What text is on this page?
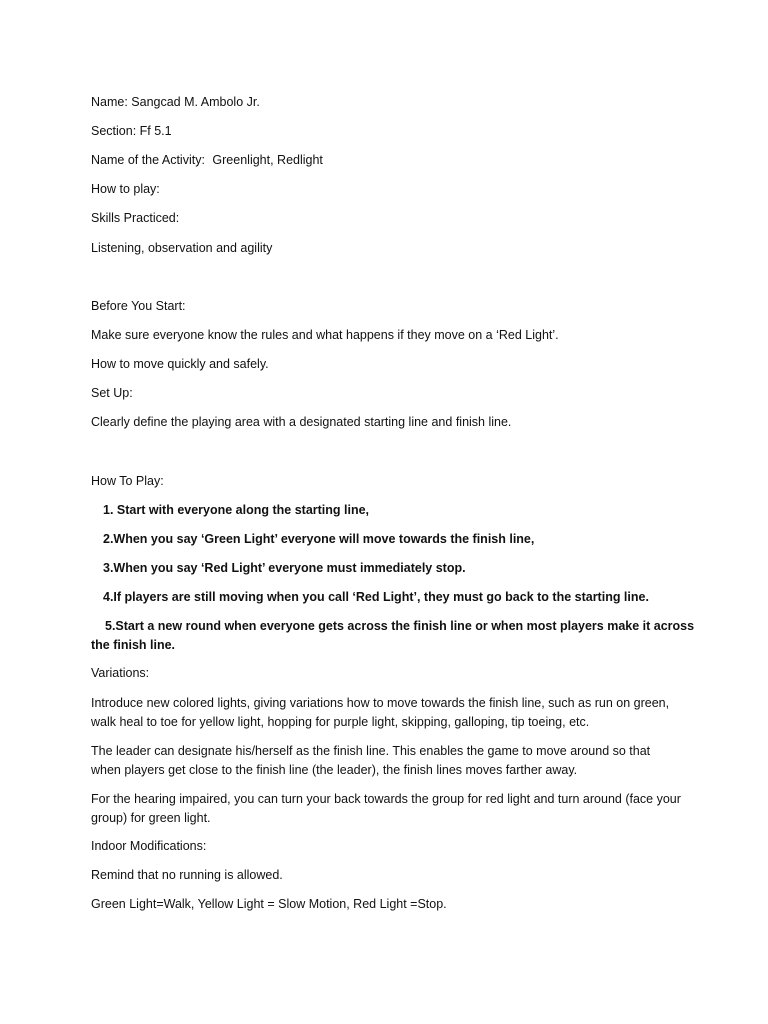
Name: Sangcad M. Ambolo Jr.
Section: Ff 5.1
Name of the Activity: Greenlight, Redlight
How to play:
Skills Practiced:
Listening, observation and agility
Before You Start:
Make sure everyone know the rules and what happens if they move on a ‘Red Light’.
How to move quickly and safely.
Set Up:
Clearly define the playing area with a designated starting line and finish line.
How To Play:
1. Start with everyone along the starting line,
2.When you say ‘Green Light’ everyone will move towards the finish line,
3.When you say ‘Red Light’ everyone must immediately stop.
4.If players are still moving when you call ‘Red Light’, they must go back to the starting line.
5.Start a new round when everyone gets across the finish line or when most players make it across
the finish line.
Variations:
Introduce new colored lights, giving variations how to move towards the finish line, such as run on green, walk heal to toe for yellow light, hopping for purple light, skipping, galloping, tip toeing, etc.
The leader can designate his/herself as the finish line. This enables the game to move around so that when players get close to the finish line (the leader), the finish lines moves farther away.
For the hearing impaired, you can turn your back towards the group for red light and turn around (face your group) for green light.
Indoor Modifications:
Remind that no running is allowed.
Green Light=Walk, Yellow Light = Slow Motion, Red Light =Stop.
